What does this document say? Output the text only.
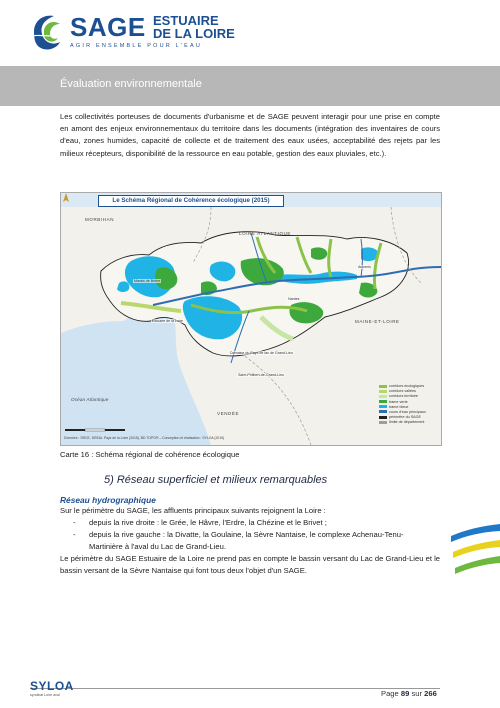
SAGE ESTUAIRE
DE LA LOIRE
AGIR ENSEMBLE POUR L'EAU
Évaluation environnementale
Les collectivités porteuses de documents d'urbanisme et de SAGE peuvent interagir pour une prise en compte en amont des enjeux environnementaux du territoire dans les documents (intégration des inventaires de cours d'eau, zones humides, capacité de collecte et de traitement des eaux usées, acceptabilité des rejets par les milieux récepteurs, disponibilité de la ressource en eau potable, gestion des eaux pluviales, etc.).
Le Schéma Régional de Cohérence écologique (2015)
MORBIHAN
LOIRE ATLANTIQUE
MAINE-ET-LOIRE
VENDÉE
Océan Atlantique
Marais de Brière
Estuaire de la Loire
Domaine du Pays de lac de Grand-Lieu
Saint-Philbert-de-Grand-Lieu
Nantes
Ancenis
corridors écologiques
corridors vallées
corridors territoire
trame verte
trame bleue
cours d'eau principaux
périmètre du SAGE
limite de département
Données : SRCE, DREAL Pays de la Loire (2015), BD TOPO® – Conception et réalisation : SYLOA (2015)
Carte 16 : Schéma régional de cohérence écologique
5) Réseau superficiel et milieux remarquables
Réseau hydrographique
Sur le périmètre du SAGE, les affluents principaux suivants rejoignent la Loire :
- depuis la rive droite : le Grée, le Hâvre, l'Erdre, la Chézine et le Brivet ;
- depuis la rive gauche : la Divatte, la Goulaine, la Sèvre Nantaise, le complexe Achenau-Tenu-
Martinière à l'aval du Lac de Grand-Lieu.
Le périmètre du SAGE Estuaire de la Loire ne prend pas en compte le bassin versant du Lac de Grand-Lieu et le bassin versant de la Sèvre Nantaise qui font tous deux l'objet d'un SAGE.
SYLOA
syndicat Loire aval	Page 89 sur 266
